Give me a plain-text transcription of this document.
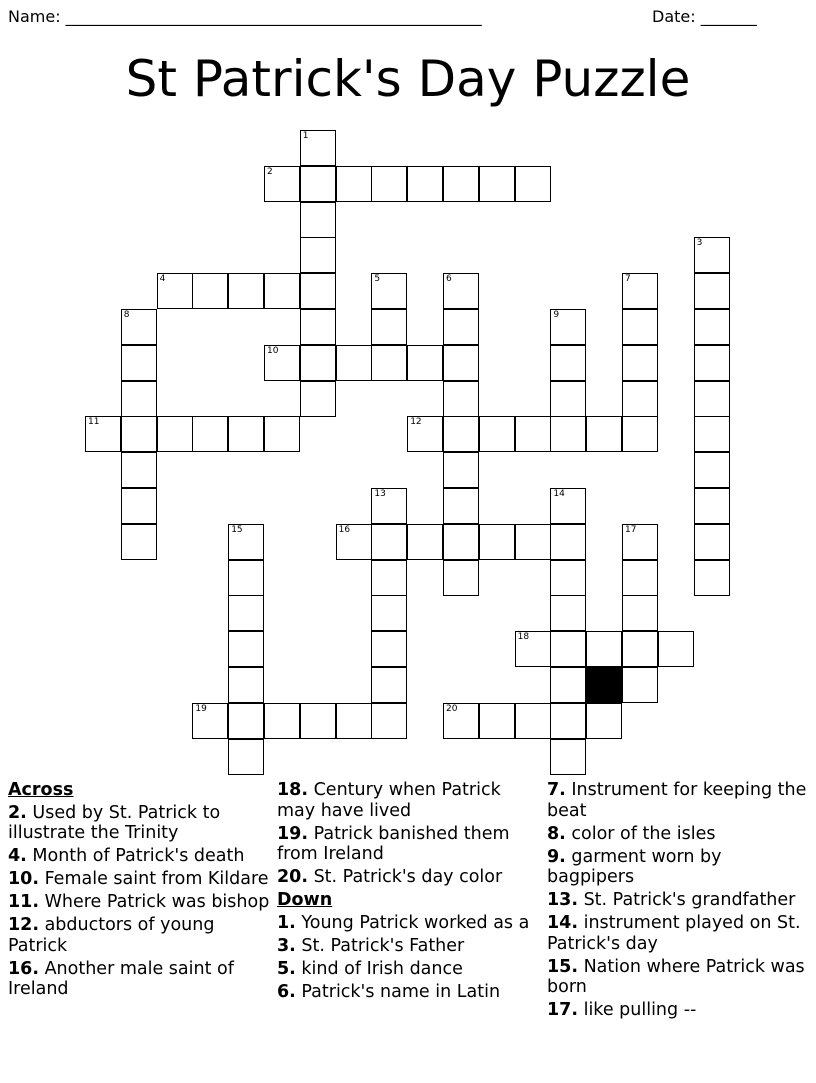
Name: ____________________________________________________	Date: _______
St Patrick's Day Puzzle
1
2
3
4	5	6	7
8	9
10
11	12
13	14
15	16	17
18
19	20
Across
2. Used by St. Patrick to illustrate the Trinity
4. Month of Patrick's death
10. Female saint from Kildare
11. Where Patrick was bishop
12. abductors of young Patrick
16. Another male saint of Ireland
18. Century when Patrick may have lived
19. Patrick banished them from Ireland
20. St. Patrick's day color
Down
1. Young Patrick worked as a
3. St. Patrick's Father
5. kind of Irish dance
6. Patrick's name in Latin
7. Instrument for keeping the beat
8. color of the isles
9. garment worn by bagpipers
13. St. Patrick's grandfather
14. instrument played on St. Patrick's day
15. Nation where Patrick was born
17. like pulling --
